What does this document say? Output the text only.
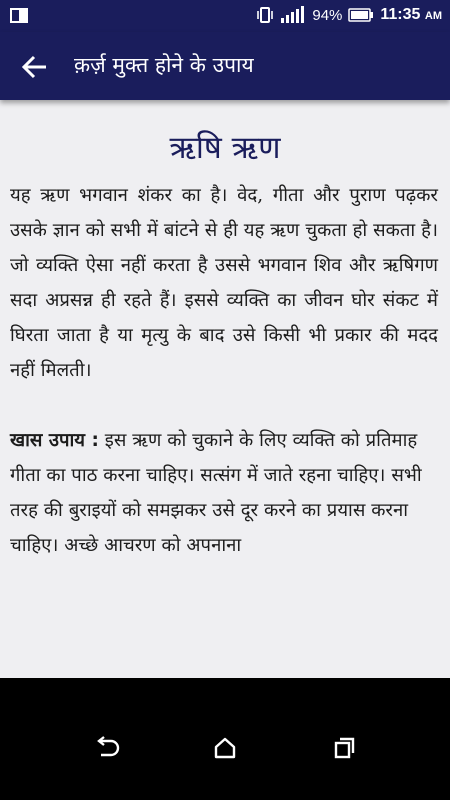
94% 11:35 AM
क़र्ज़ मुक्त होने के उपाय
ऋषि ऋण

यह ऋण भगवान शंकर का है। वेद, गीता और पुराण पढ़कर उसके ज्ञान को सभी में बांटने से ही यह ऋण चुकता हो सकता है। जो व्यक्ति ऐसा नहीं करता है उससे भगवान शिव और ऋषिगण सदा अप्रसन्न ही रहते हैं। इससे व्यक्ति का जीवन घोर संकट में घिरता जाता है या मृत्यु के बाद उसे किसी भी प्रकार की मदद नहीं मिलती।

खास उपाय : इस ऋण को चुकाने के लिए व्यक्ति को प्रतिमाह गीता का पाठ करना चाहिए। सत्संग में जाते रहना चाहिए। सभी तरह की बुराइयों को समझकर उसे दूर करने का प्रयास करना चाहिए। अच्छे आचरण को अपनाना
